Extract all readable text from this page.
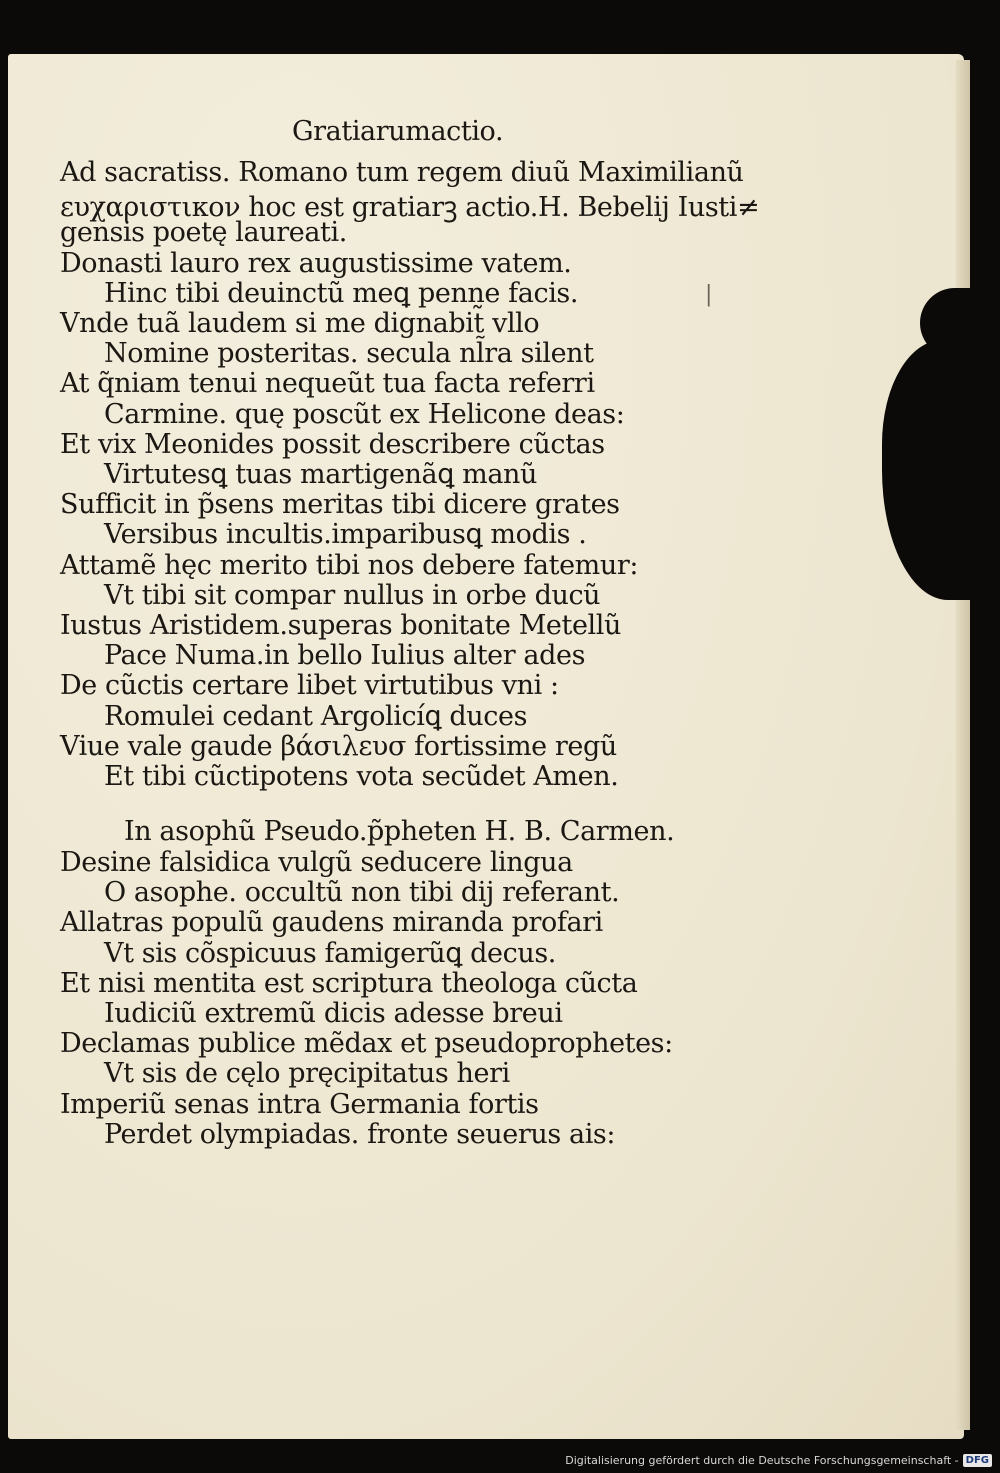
Gratiarumactio.
Ad sacratiss. Romano tum regem diuũ Maximilianũ
ευχαριστικον hoc est gratiarꝫ actio.H. Bebelij Iusti≠
gensis poetę laureati.
Donasti lauro rex augustissime vatem.
Hinc tibi deuinctũ meꝗ penne facis.
Vnde tuã laudem si me dignabit̃ vllo
Nomine posteritas. secula nl̃ra silent
At q̃niam tenui nequeũt tua facta referri
Carmine. quę poscũt ex Helicone deas:
Et vix Meonides possit describere cũctas
Virtutesꝗ tuas martigenãꝗ manũ
Sufficit in p̃sens meritas tibi dicere grates
Versibus incultis.imparibusꝗ modis .
Attamẽ hęc merito tibi nos debere fatemur:
Vt tibi sit compar nullus in orbe ducũ
Iustus Aristidem.superas bonitate Metellũ
Pace Numa.in bello Iulius alter ades
De cũctis certare libet virtutibus vni :
Romulei cedant Argolicíꝗ duces
Viue vale gaude βάσιλευσ fortissime regũ
Et tibi cũctipotens vota secũdet Amen.
In asophũ Pseudo.p̃pheten H. B. Carmen.
Desine falsidica vulgũ seducere lingua
O asophe. occultũ non tibi dij referant.
Allatras populũ gaudens miranda profari
Vt sis cõspicuus famigerũꝗ decus.
Et nisi mentita est scriptura theologa cũcta
Iudiciũ extremũ dicis adesse breui
Declamas publice mẽdax et pseudoprophetes:
Vt sis de cęlo pręcipitatus heri
Imperiũ senas intra Germania fortis
Perdet olympiadas. fronte seuerus ais:
|
Digitalisierung gefördert durch die Deutsche Forschungsgemeinschaft - DFG
